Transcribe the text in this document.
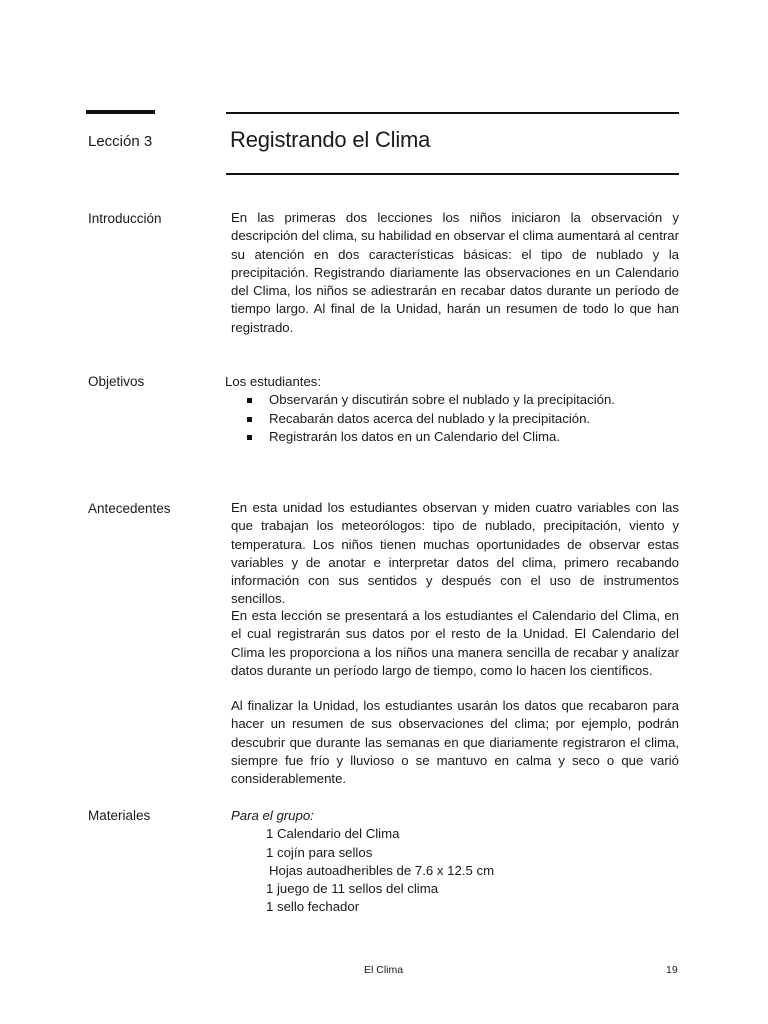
Lección 3	Registrando el Clima
Introducción	En las primeras dos lecciones los niños iniciaron la observación y descripción del clima, su habilidad en observar el clima aumentará al centrar su atención en dos características básicas: el tipo de nublado y la precipitación. Registrando diariamente las observaciones en un Calendario del Clima, los niños se adiestrarán en recabar datos durante un período de tiempo largo. Al final de la Unidad, harán un resumen de todo lo que han registrado.
Objetivos	Los estudiantes:
Observarán y discutirán sobre el nublado y la precipitación.
Recabarán datos acerca del nublado y la precipitación.
Registrarán los datos en un Calendario del Clima.
Antecedentes	En esta unidad los estudiantes observan y miden cuatro variables con las que trabajan los meteorólogos: tipo de nublado, precipitación, viento y temperatura. Los niños tienen muchas oportunidades de observar estas variables y de anotar e interpretar datos del clima, primero recabando información con sus sentidos y después con el uso de instrumentos sencillos.
En esta lección se presentará a los estudiantes el Calendario del Clima, en el cual registrarán sus datos por el resto de la Unidad. El Calendario del Clima les proporciona a los niños una manera sencilla de recabar y analizar datos durante un período largo de tiempo, como lo hacen los científicos.
Al finalizar la Unidad, los estudiantes usarán los datos que recabaron para hacer un resumen de sus observaciones del clima; por ejemplo, podrán descubrir que durante las semanas en que diariamente registraron el clima, siempre fue frío y lluvioso o se mantuvo en calma y seco o que varió considerablemente.
Materiales	Para el grupo:
1 Calendario del Clima
1 cojín para sellos
Hojas autoadheribles de 7.6 x 12.5 cm
1 juego de 11 sellos del clima
1 sello fechador
El Clima	19
